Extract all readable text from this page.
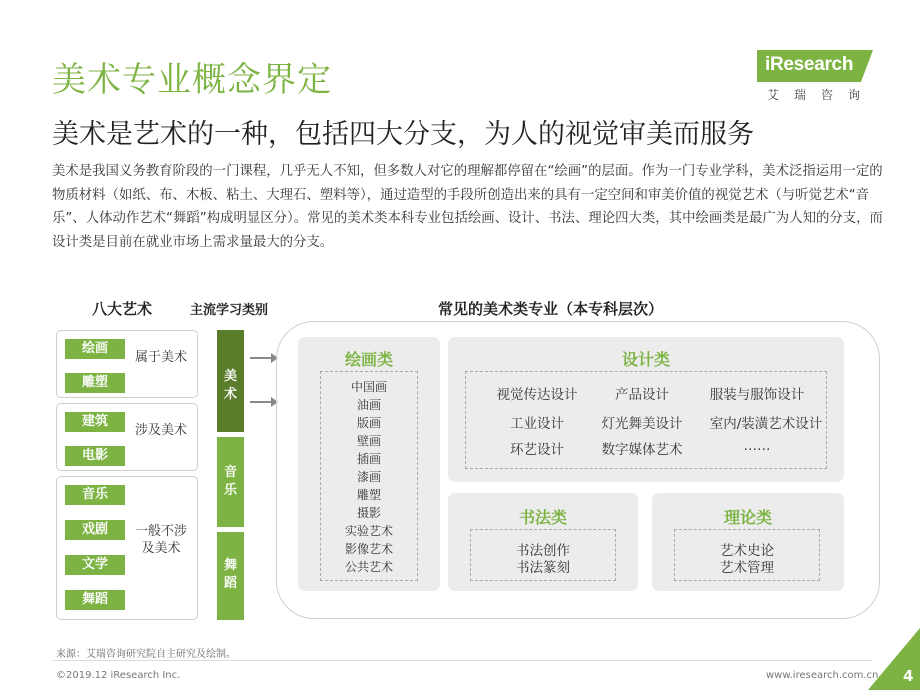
美术专业概念界定	iResearch
艾瑞咨询
美术是艺术的一种，包括四大分支，为人的视觉审美而服务
美术是我国义务教育阶段的一门课程，几乎无人不知，但多数人对它的理解都停留在“绘画”的层面。作为一门专业学科，美术泛指运用一定的物质材料（如纸、布、木板、粘土、大理石、塑料等），通过造型的手段所创造出来的具有一定空间和审美价值的视觉艺术（与听觉艺术“音乐”、人体动作艺术“舞蹈”构成明显区分）。常见的美术类本科专业包括绘画、设计、书法、理论四大类，其中绘画类是最广为人知的分支，而设计类是目前在就业市场上需求量最大的分支。
八大艺术	主流学习类别	常见的美术类专业（本专科层次）
绘画
雕塑
属于美术
建筑
电影
涉及美术
音乐
戏剧
文学
舞蹈
一般不涉及美术
美术
音乐
舞蹈
绘画类
中国画
油画
版画
壁画
插画
漆画
雕塑
摄影
实验艺术
影像艺术
公共艺术
设计类
视觉传达设计	产品设计	服装与服饰设计
工业设计	灯光舞美设计	室内/装潢艺术设计
环艺设计	数字媒体艺术	……
书法类
书法创作
书法篆刻
理论类
艺术史论
艺术管理
来源：艾瑞咨询研究院自主研究及绘制。
©2019.12 iResearch Inc.	www.iresearch.com.cn 4
